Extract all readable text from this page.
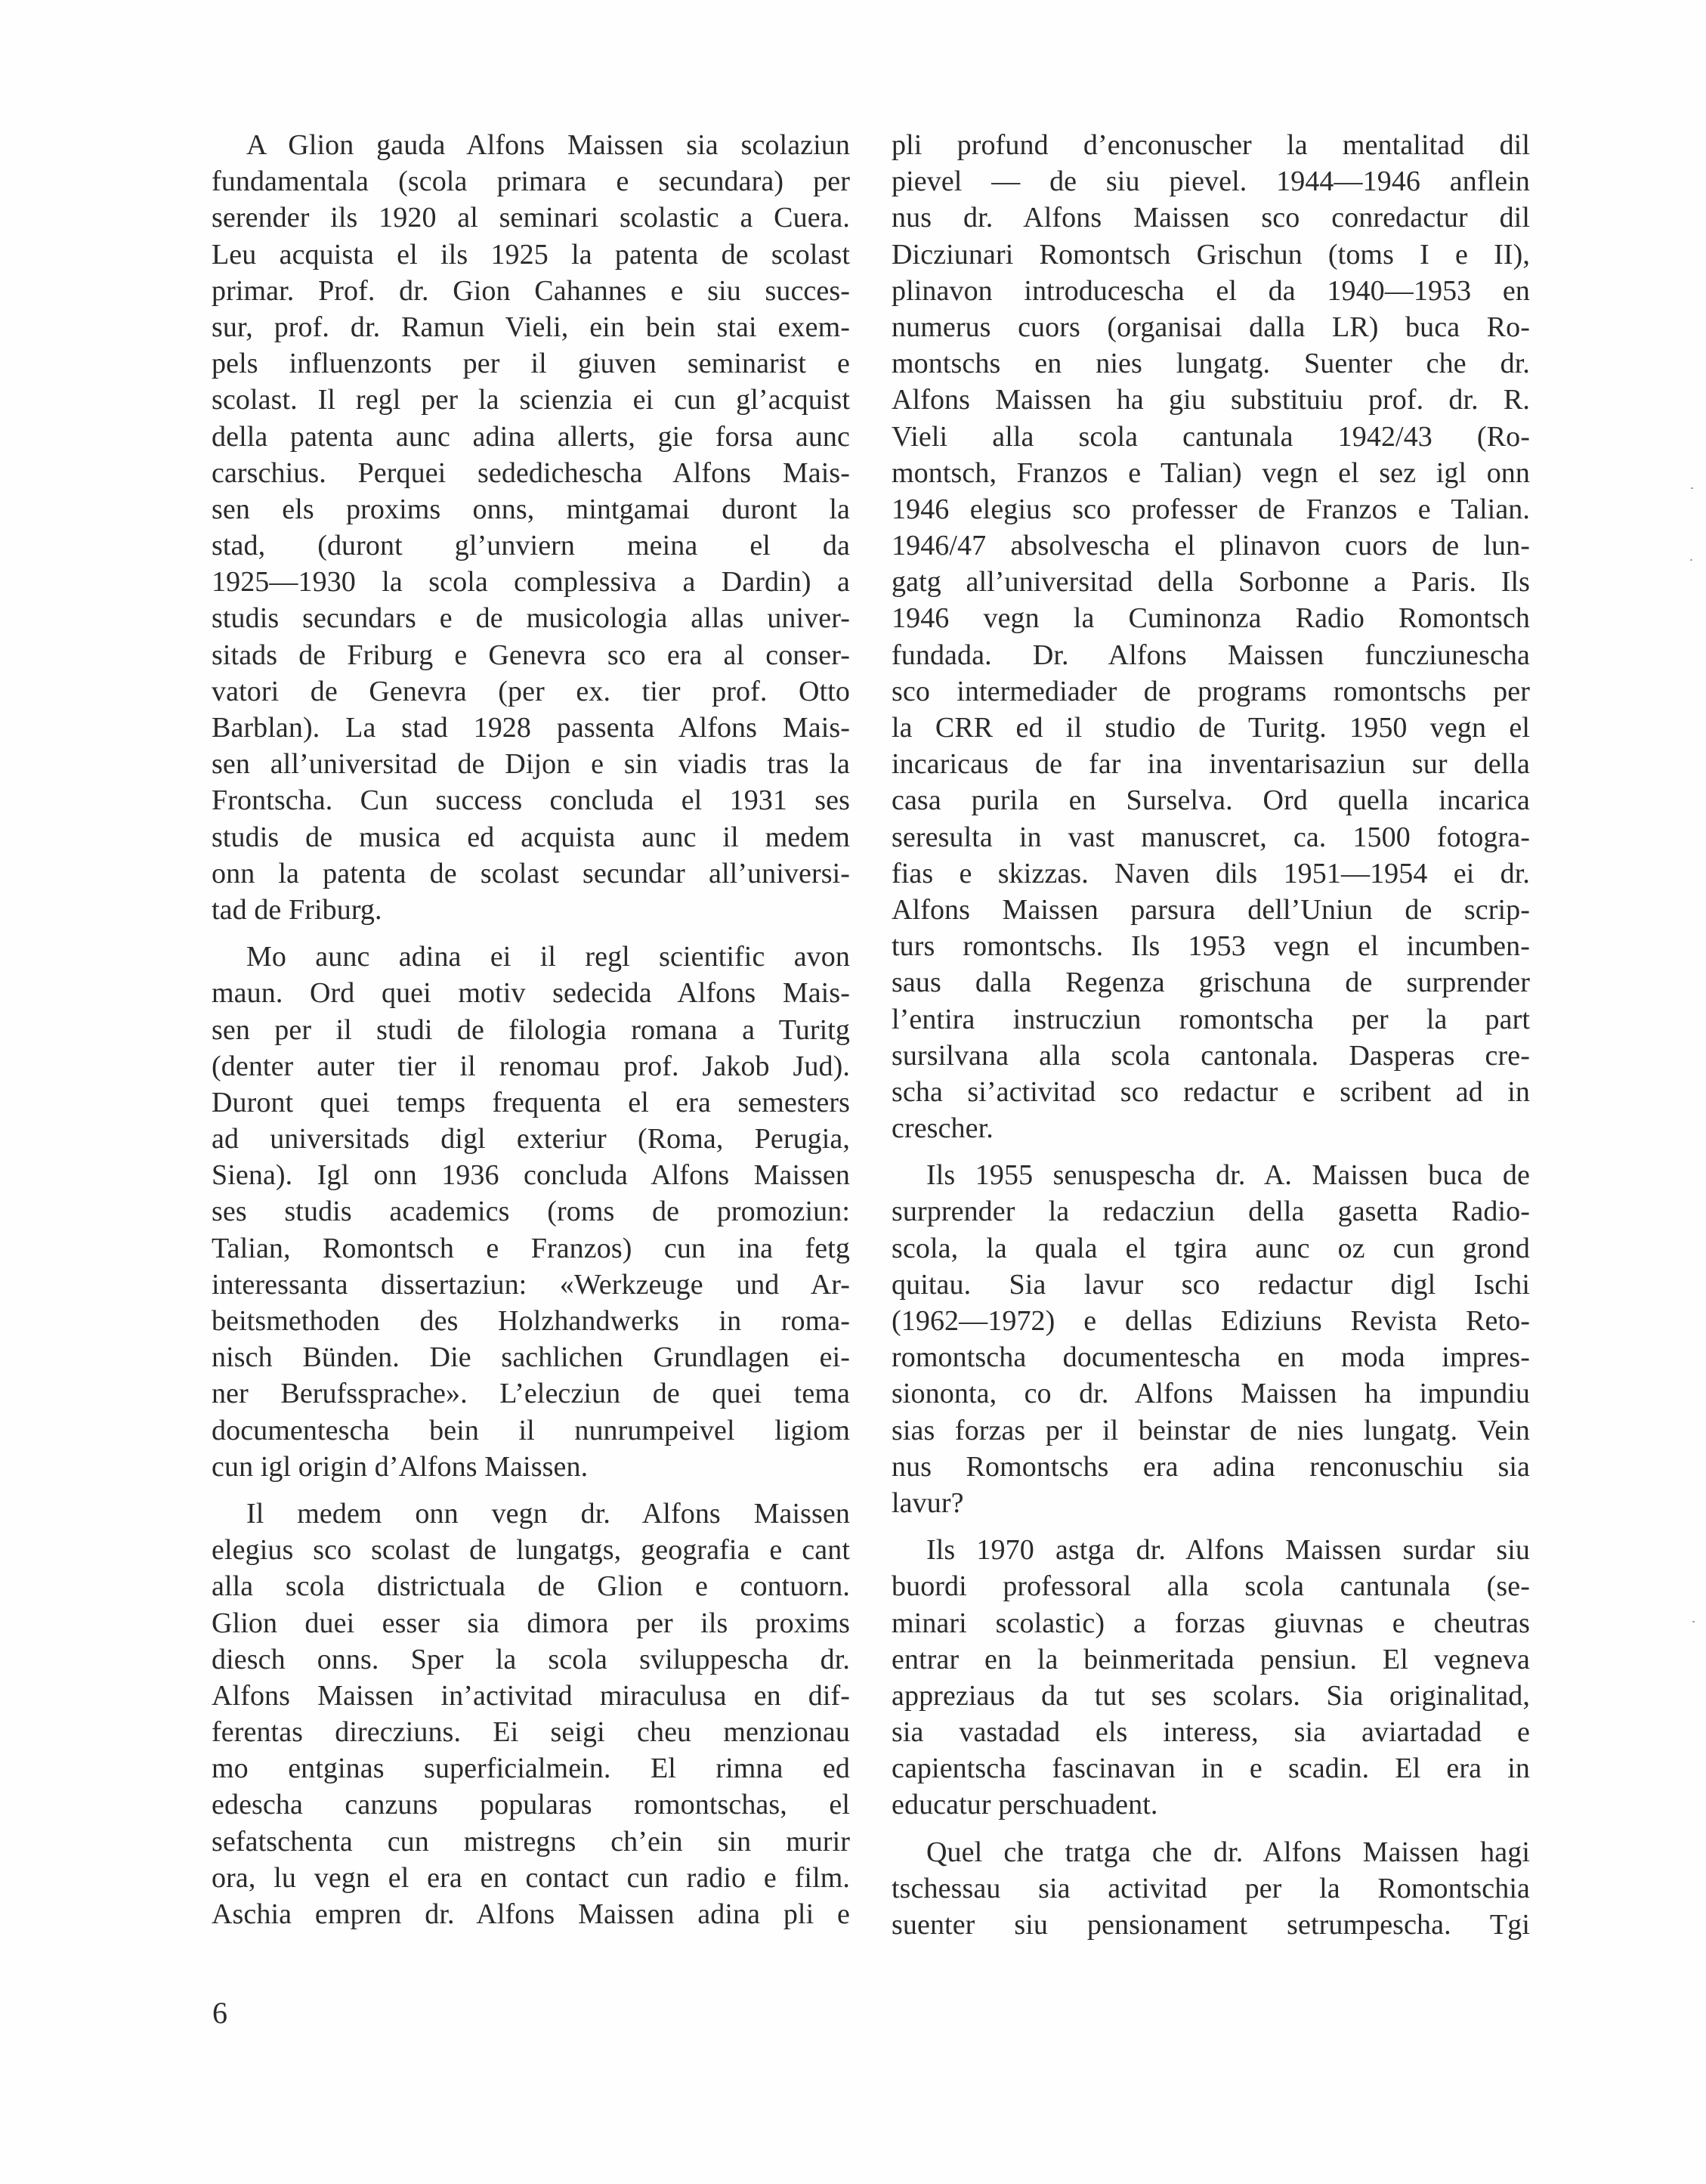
A Glion gauda Alfons Maissen sia scolaziun
fundamentala (scola primara e secundara) per
serender ils 1920 al seminari scolastic a Cuera.
Leu acquista el ils 1925 la patenta de scolast
primar. Prof. dr. Gion Cahannes e siu succes-
sur, prof. dr. Ramun Vieli, ein bein stai exem-
pels influenzonts per il giuven seminarist e
scolast. Il regl per la scienzia ei cun gl’acquist
della patenta aunc adina allerts, gie forsa aunc
carschius. Perquei sededichescha Alfons Mais-
sen els proxims onns, mintgamai duront la
stad, (duront gl’unviern meina el da
1925—1930 la scola complessiva a Dardin) a
studis secundars e de musicologia allas univer-
sitads de Friburg e Genevra sco era al conser-
vatori de Genevra (per ex. tier prof. Otto
Barblan). La stad 1928 passenta Alfons Mais-
sen all’universitad de Dijon e sin viadis tras la
Frontscha. Cun success concluda el 1931 ses
studis de musica ed acquista aunc il medem
onn la patenta de scolast secundar all’universi-
tad de Friburg.
Mo aunc adina ei il regl scientific avon
maun. Ord quei motiv sedecida Alfons Mais-
sen per il studi de filologia romana a Turitg
(denter auter tier il renomau prof. Jakob Jud).
Duront quei temps frequenta el era semesters
ad universitads digl exteriur (Roma, Perugia,
Siena). Igl onn 1936 concluda Alfons Maissen
ses studis academics (roms de promoziun:
Talian, Romontsch e Franzos) cun ina fetg
interessanta dissertaziun: «Werkzeuge und Ar-
beitsmethoden des Holzhandwerks in roma-
nisch Bünden. Die sachlichen Grundlagen ei-
ner Berufssprache». L’elecziun de quei tema
documentescha bein il nunrumpeivel ligiom
cun igl origin d’Alfons Maissen.
Il medem onn vegn dr. Alfons Maissen
elegius sco scolast de lungatgs, geografia e cant
alla scola districtuala de Glion e contuorn.
Glion duei esser sia dimora per ils proxims
diesch onns. Sper la scola sviluppescha dr.
Alfons Maissen in’activitad miraculusa en dif-
ferentas direcziuns. Ei seigi cheu menzionau
mo entginas superficialmein. El rimna ed
edescha canzuns popularas romontschas, el
sefatschenta cun mistregns ch’ein sin murir
ora, lu vegn el era en contact cun radio e film.
Aschia empren dr. Alfons Maissen adina pli e
pli profund d’enconuscher la mentalitad dil
pievel — de siu pievel. 1944—1946 anflein
nus dr. Alfons Maissen sco conredactur dil
Dicziunari Romontsch Grischun (toms I e II),
plinavon introducescha el da 1940—1953 en
numerus cuors (organisai dalla LR) buca Ro-
montschs en nies lungatg. Suenter che dr.
Alfons Maissen ha giu substituiu prof. dr. R.
Vieli alla scola cantunala 1942/43 (Ro-
montsch, Franzos e Talian) vegn el sez igl onn
1946 elegius sco professer de Franzos e Talian.
1946/47 absolvescha el plinavon cuors de lun-
gatg all’universitad della Sorbonne a Paris. Ils
1946 vegn la Cuminonza Radio Romontsch
fundada. Dr. Alfons Maissen funcziunescha
sco intermediader de programs romontschs per
la CRR ed il studio de Turitg. 1950 vegn el
incaricaus de far ina inventarisaziun sur della
casa purila en Surselva. Ord quella incarica
seresulta in vast manuscret, ca. 1500 fotogra-
fias e skizzas. Naven dils 1951—1954 ei dr.
Alfons Maissen parsura dell’Uniun de scrip-
turs romontschs. Ils 1953 vegn el incumben-
saus dalla Regenza grischuna de surprender
l’entira instrucziun romontscha per la part
sursilvana alla scola cantonala. Dasperas cre-
scha si’activitad sco redactur e scribent ad in
crescher.
Ils 1955 senuspescha dr. A. Maissen buca de
surprender la redacziun della gasetta Radio-
scola, la quala el tgira aunc oz cun grond
quitau. Sia lavur sco redactur digl Ischi
(1962—1972) e dellas Ediziuns Revista Reto-
romontscha documentescha en moda impres-
siononta, co dr. Alfons Maissen ha impundiu
sias forzas per il beinstar de nies lungatg. Vein
nus Romontschs era adina renconuschiu sia
lavur?
Ils 1970 astga dr. Alfons Maissen surdar siu
buordi professoral alla scola cantunala (se-
minari scolastic) a forzas giuvnas e cheutras
entrar en la beinmeritada pensiun. El vegneva
appreziaus da tut ses scolars. Sia originalitad,
sia vastadad els interess, sia aviartadad e
capientscha fascinavan in e scadin. El era in
educatur perschuadent.
Quel che tratga che dr. Alfons Maissen hagi
tschessau sia activitad per la Romontschia
suenter siu pensionament setrumpescha. Tgi
6
